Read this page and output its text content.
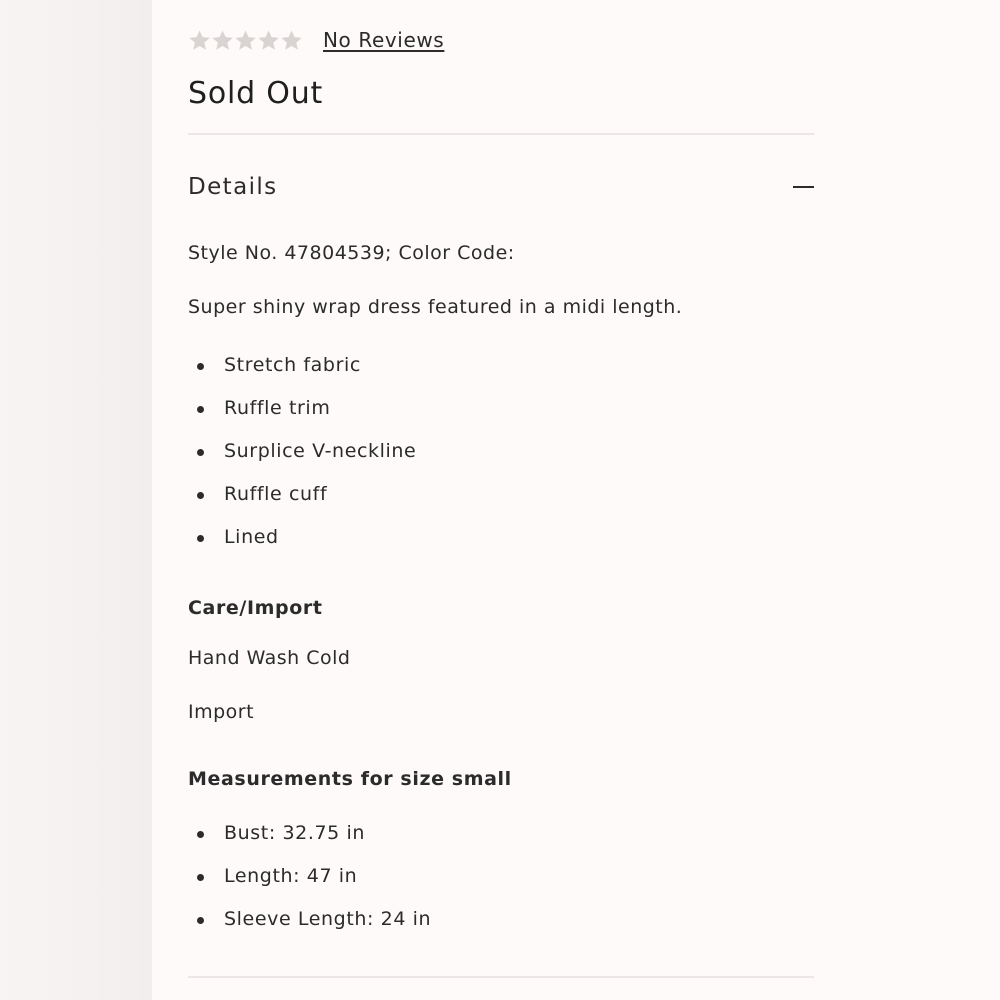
No Reviews
Sold Out
Details
Style No. 47804539; Color Code:
Super shiny wrap dress featured in a midi length.
Stretch fabric
Ruffle trim
Surplice V-neckline
Ruffle cuff
Lined
Care/Import
Hand Wash Cold
Import
Measurements for size small
Bust: 32.75 in
Length: 47 in
Sleeve Length: 24 in
